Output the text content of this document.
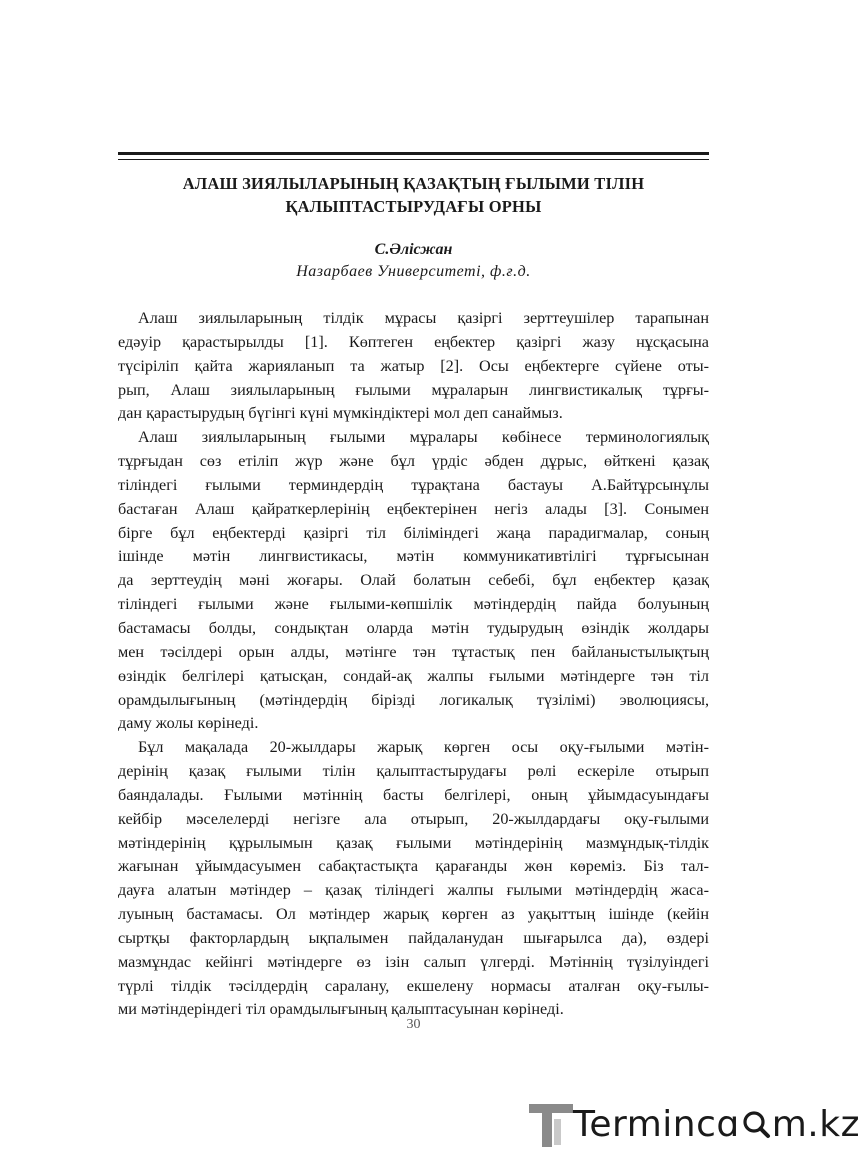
АЛАШ ЗИЯЛЫЛАРЫНЫҢ ҚАЗАҚТЫҢ ҒЫЛЫМИ ТІЛІН
ҚАЛЫПТАСТЫРУДАҒЫ ОРНЫ
С.Әлісжан
Назарбаев Университеті, ф.ғ.д.
Алаш зиялыларының тілдік мұрасы қазіргі зерттеушілер тарапынан
едәуір қарастырылды [1]. Көптеген еңбектер қазіргі жазу нұсқасына
түсіріліп қайта жарияланып та жатыр [2]. Осы еңбектерге сүйене оты-
рып, Алаш зиялыларының ғылыми мұраларын лингвистикалық тұрғы-
дан қарастырудың бүгінгі күні мүмкіндіктері мол деп санаймыз.
Алаш зиялыларының ғылыми мұралары көбінесе терминологиялық
тұрғыдан сөз етіліп жүр және бұл үрдіс әбден дұрыс, өйткені қазақ
тіліндегі ғылыми терминдердің тұрақтана бастауы А.Байтұрсынұлы
бастаған Алаш қайраткерлерінің еңбектерінен негіз алады [3]. Сонымен
бірге бұл еңбектерді қазіргі тіл біліміндегі жаңа парадигмалар, соның
ішінде мәтін лингвистикасы, мәтін коммуникативтілігі тұрғысынан
да зерттеудің мәні жоғары. Олай болатын себебі, бұл еңбектер қазақ
тіліндегі ғылыми және ғылыми-көпшілік мәтіндердің пайда болуының
бастамасы болды, сондықтан оларда мәтін тудырудың өзіндік жолдары
мен тәсілдері орын алды, мәтінге тән тұтастық пен байланыстылықтың
өзіндік белгілері қатысқан, сондай-ақ жалпы ғылыми мәтіндерге тән тіл
орамдылығының (мәтіндердің бірізді логикалық түзілімі) эволюциясы,
даму жолы көрінеді.
Бұл мақалада 20-жылдары жарық көрген осы оқу-ғылыми мәтін-
дерінің қазақ ғылыми тілін қалыптастырудағы рөлі ескеріле отырып
баяндалады. Ғылыми мәтіннің басты белгілері, оның ұйымдасуындағы
кейбір мәселелерді негізге ала отырып, 20-жылдардағы оқу-ғылыми
мәтіндерінің құрылымын қазақ ғылыми мәтіндерінің мазмұндық-тілдік
жағынан ұйымдасуымен сабақтастықта қарағанды жөн көреміз. Біз тал-
дауға алатын мәтіндер – қазақ тіліндегі жалпы ғылыми мәтіндердің жаса-
луының бастамасы. Ол мәтіндер жарық көрген аз уақыттың ішінде (кейін
сыртқы факторлардың ықпалымен пайдаланудан шығарылса да), өздері
мазмұндас кейінгі мәтіндерге өз ізін салып үлгерді. Мәтіннің түзілуіндегі
түрлі тілдік тәсілдердің саралану, екшелену нормасы аталған оқу-ғылы-
ми мәтіндеріндегі тіл орамдылығының қалыптасуынан көрінеді.
30
Termincɑ m.kz
